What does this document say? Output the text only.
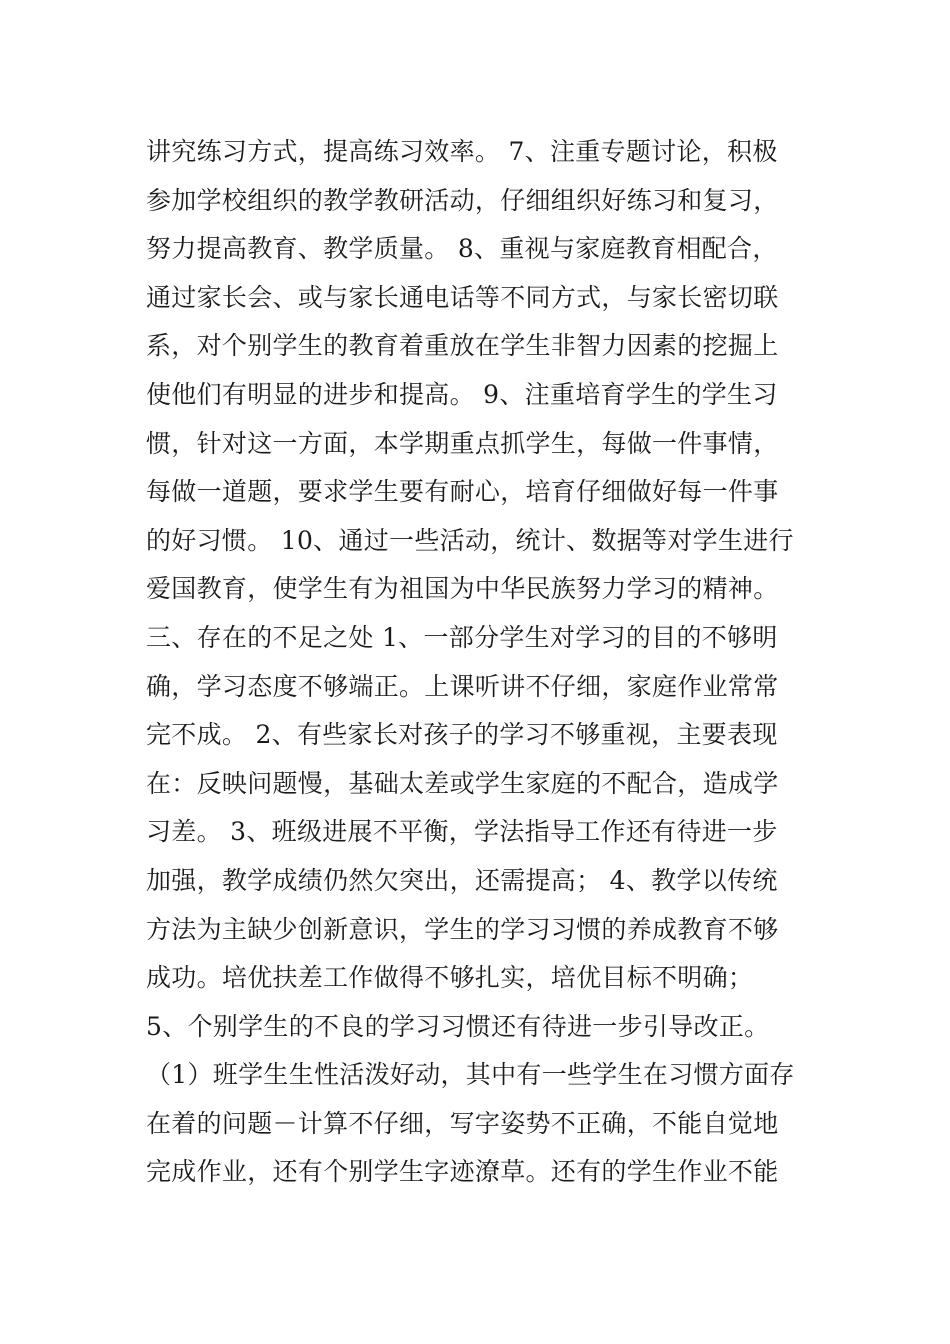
讲究练习方式，提高练习效率。 7、注重专题讨论，积极
参加学校组织的教学教研活动，仔细组织好练习和复习，
努力提高教育、教学质量。 8、重视与家庭教育相配合，
通过家长会、或与家长通电话等不同方式，与家长密切联
系，对个别学生的教育着重放在学生非智力因素的挖掘上
使他们有明显的进步和提高。 9、注重培育学生的学生习
惯，针对这一方面，本学期重点抓学生，每做一件事情，
每做一道题，要求学生要有耐心，培育仔细做好每一件事
的好习惯。 10、通过一些活动，统计、数据等对学生进行
爱国教育，使学生有为祖国为中华民族努力学习的精神。
三、存在的不足之处 1、一部分学生对学习的目的不够明
确，学习态度不够端正。上课听讲不仔细，家庭作业常常
完不成。 2、有些家长对孩子的学习不够重视，主要表现
在：反映问题慢，基础太差或学生家庭的不配合，造成学
习差。 3、班级进展不平衡，学法指导工作还有待进一步
加强，教学成绩仍然欠突出，还需提高； 4、教学以传统
方法为主缺少创新意识，学生的学习习惯的养成教育不够
成功。培优扶差工作做得不够扎实，培优目标不明确；
5、个别学生的不良的学习习惯还有待进一步引导改正。
（1）班学生生性活泼好动，其中有一些学生在习惯方面存
在着的问题－计算不仔细，写字姿势不正确，不能自觉地
完成作业，还有个别学生字迹潦草。还有的学生作业不能
